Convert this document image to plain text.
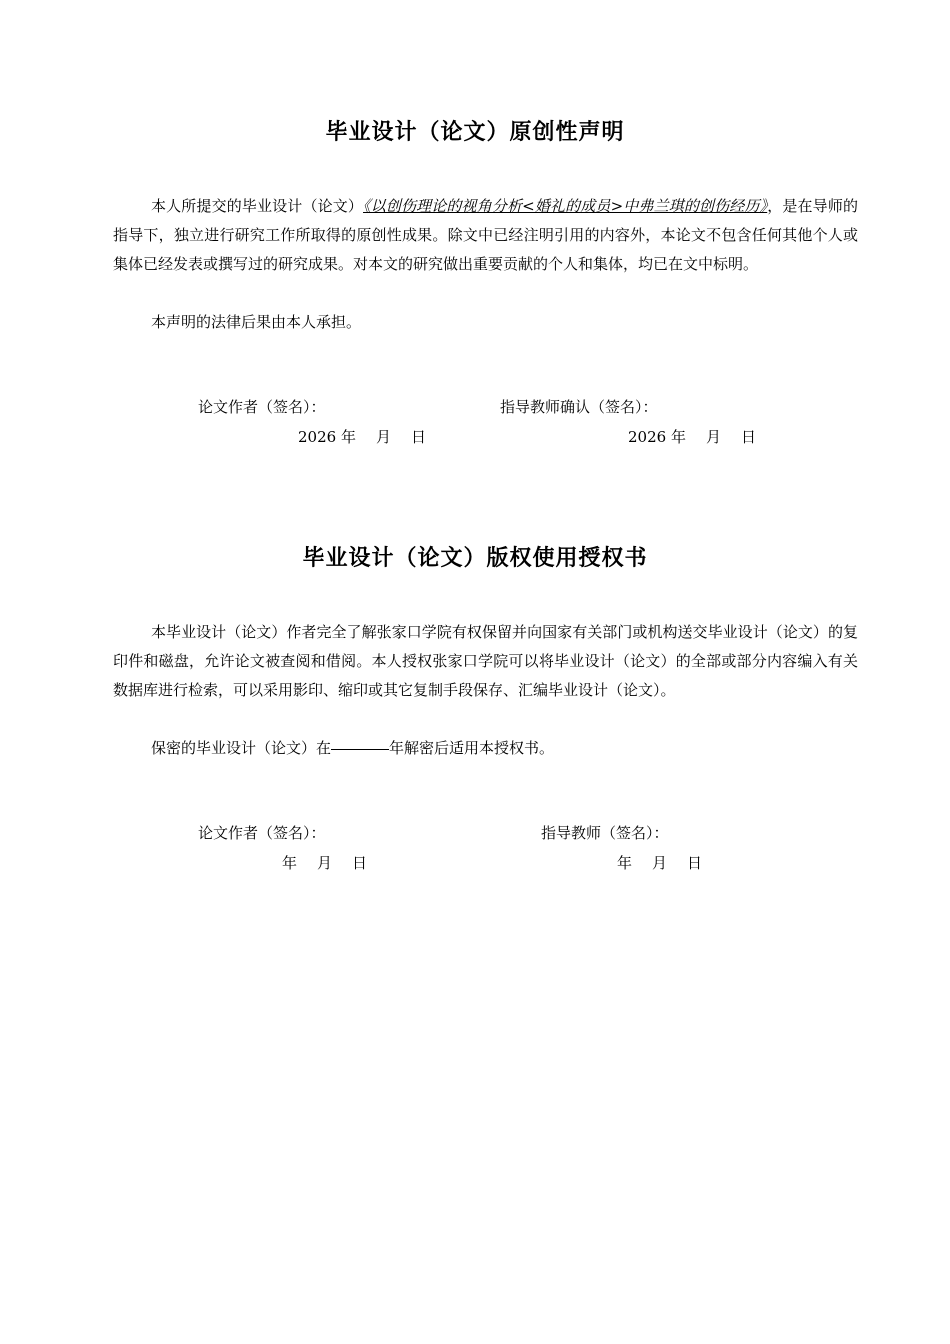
毕业设计（论文）原创性声明
本人所提交的毕业设计（论文）《以创伤理论的视角分析<婚礼的成员>中弗兰琪的创伤经历》，是在导师的指导下，独立进行研究工作所取得的原创性成果。除文中已经注明引用的内容外，本论文不包含任何其他个人或集体已经发表或撰写过的研究成果。对本文的研究做出重要贡献的个人和集体，均已在文中标明。
本声明的法律后果由本人承担。
论文作者（签名）：	指导教师确认（签名）：
2026 年 月 日	2026 年 月 日
毕业设计（论文）版权使用授权书
本毕业设计（论文）作者完全了解张家口学院有权保留并向国家有关部门或机构送交毕业设计（论文）的复印件和磁盘，允许论文被查阅和借阅。本人授权张家口学院可以将毕业设计（论文）的全部或部分内容编入有关数据库进行检索，可以采用影印、缩印或其它复制手段保存、汇编毕业设计（论文）。
保密的毕业设计（论文）在	年解密后适用本授权书。
论文作者（签名）：	指导教师（签名）：
年 月 日	年 月 日
